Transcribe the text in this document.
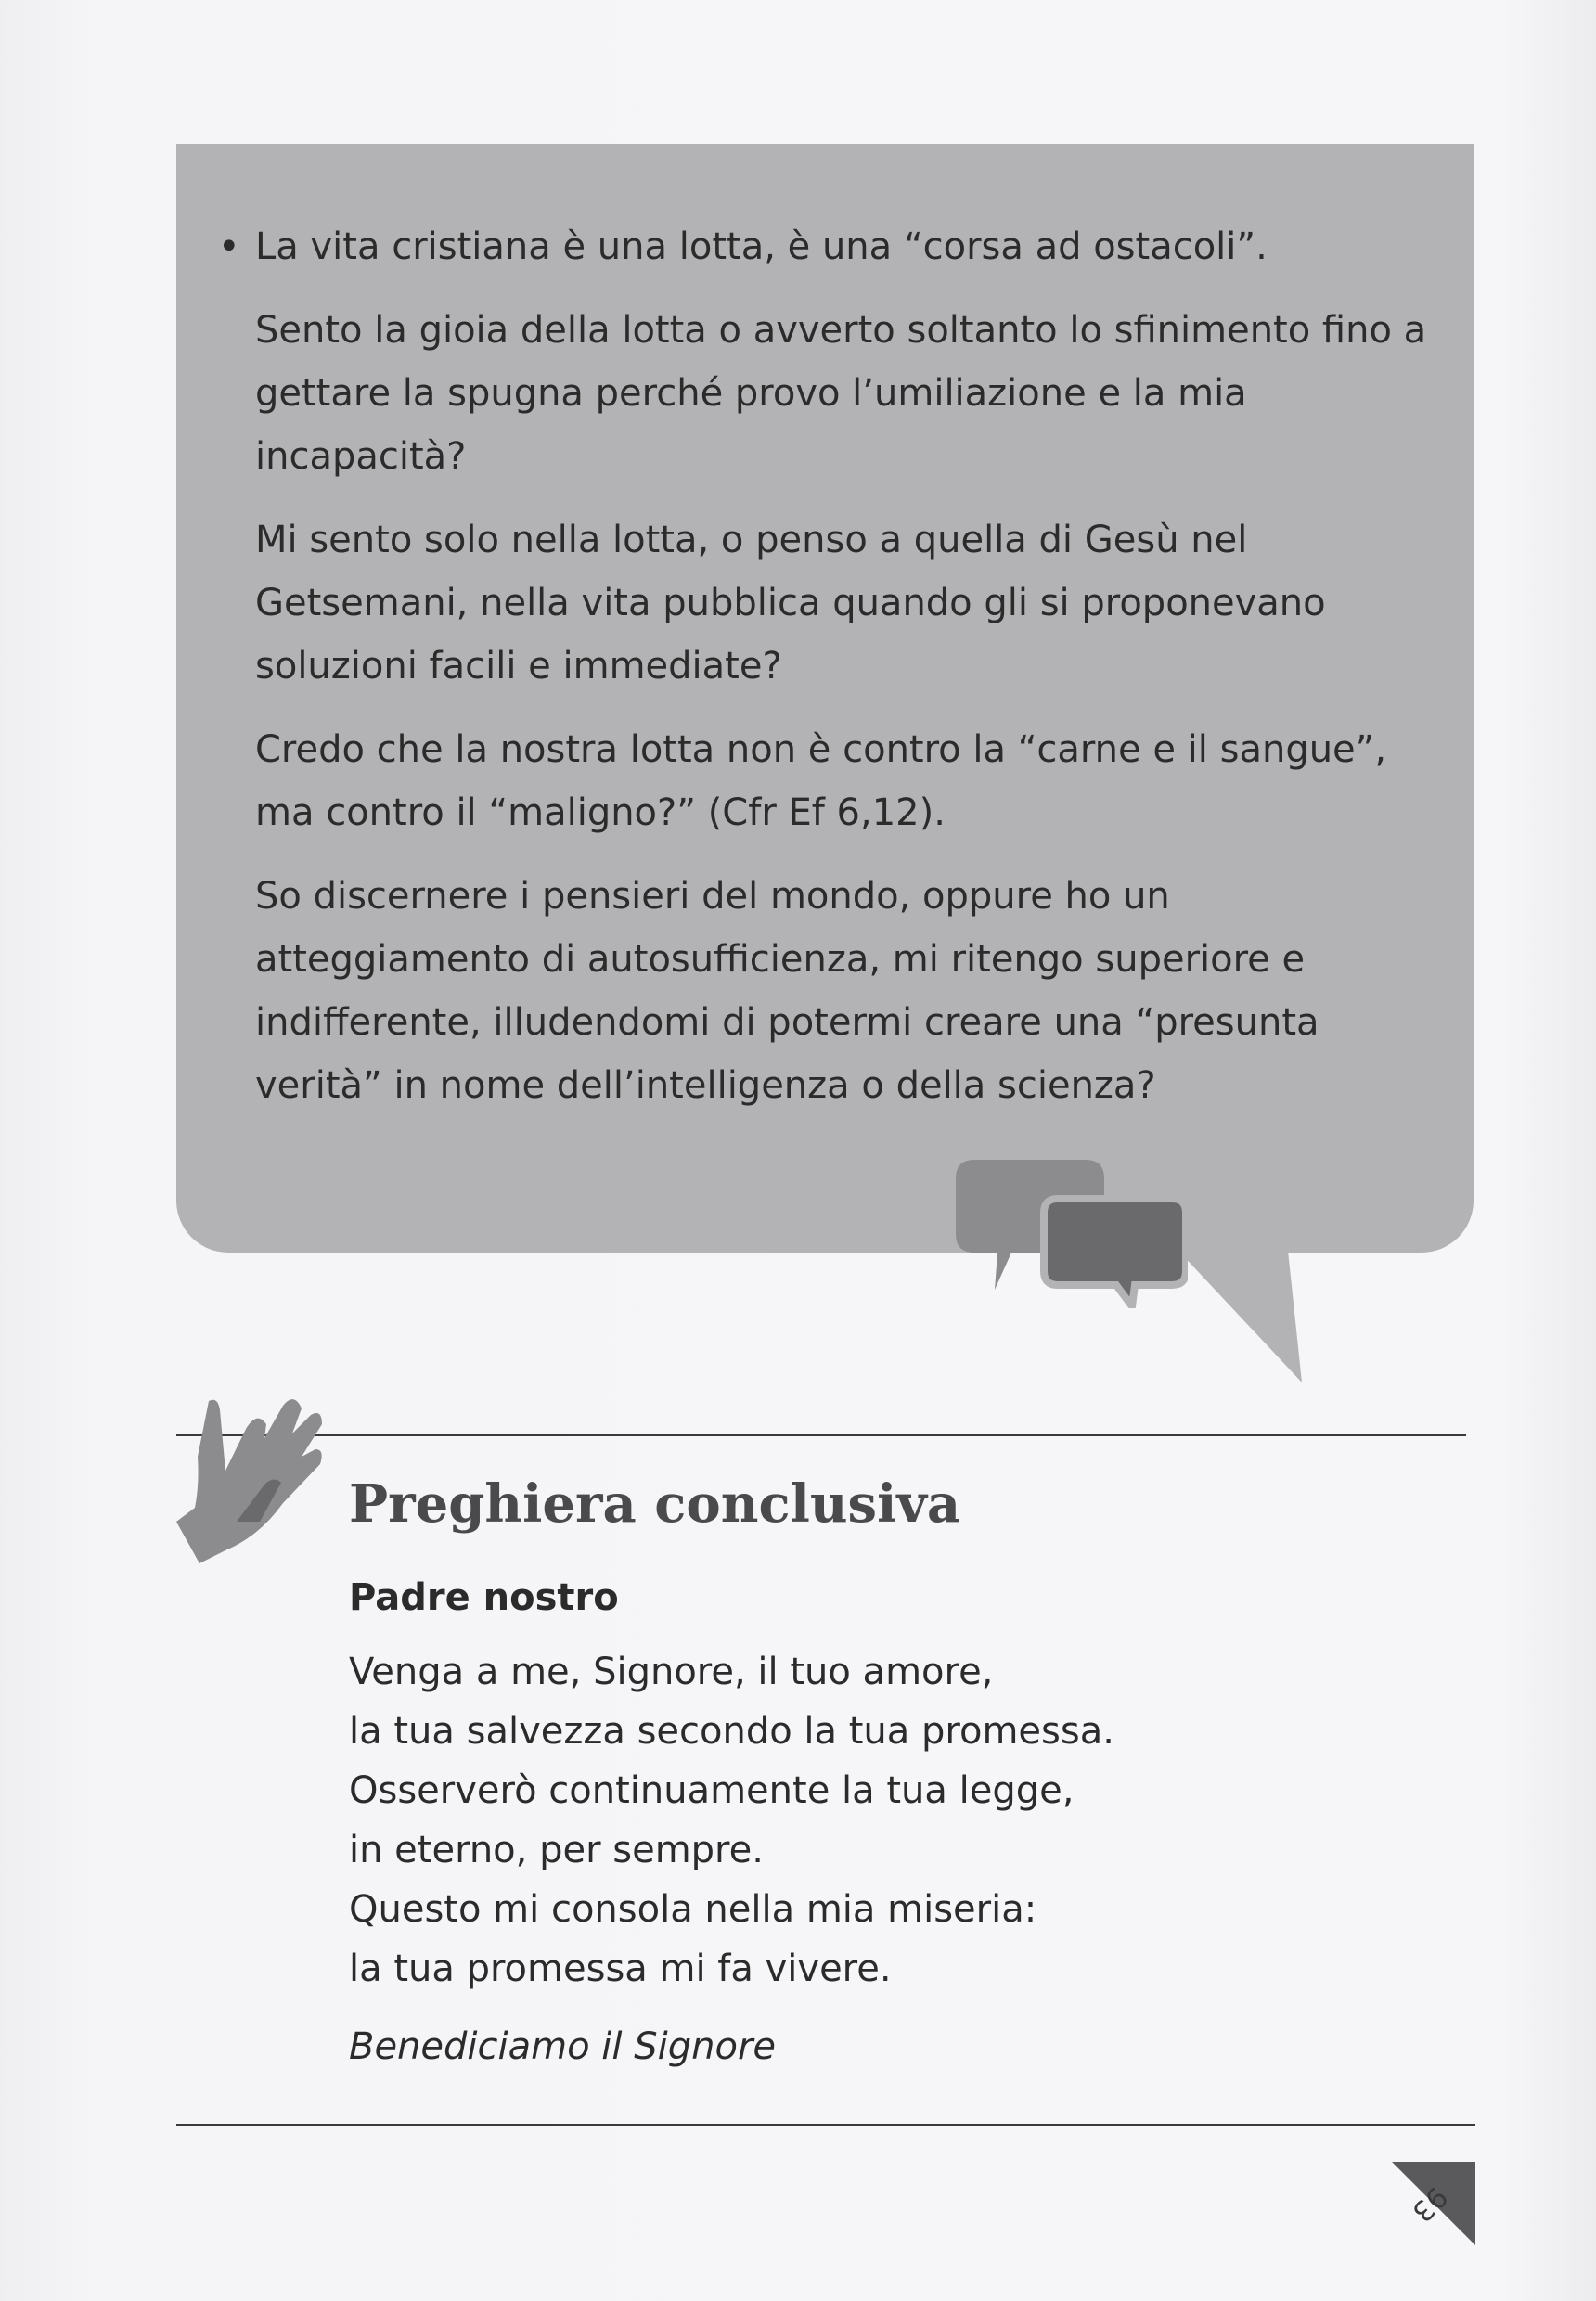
• La vita cristiana è una lotta, è una “corsa ad ostacoli”.

Sento la gioia della lotta o avverto soltanto lo sfinimento fino a gettare la spugna perché provo l’umiliazione e la mia incapacità?

Mi sento solo nella lotta, o penso a quella di Gesù nel Getsemani, nella vita pubblica quando gli si proponevano soluzioni facili e immediate?

Credo che la nostra lotta non è contro la “carne e il sangue”, ma contro il “maligno?” (Cfr Ef 6,12).

So discernere i pensieri del mondo, oppure ho un atteggiamento di autosufficienza, mi ritengo superiore e indifferente, illudendomi di potermi creare una “presunta verità” in nome dell’intelligenza o della scienza?

Preghiera conclusiva
Padre nostro
Venga a me, Signore, il tuo amore,
la tua salvezza secondo la tua promessa.
Osserverò continuamente la tua legge,
in eterno, per sempre.
Questo mi consola nella mia miseria:
la tua promessa mi fa vivere.

Benediciamo il Signore

93
